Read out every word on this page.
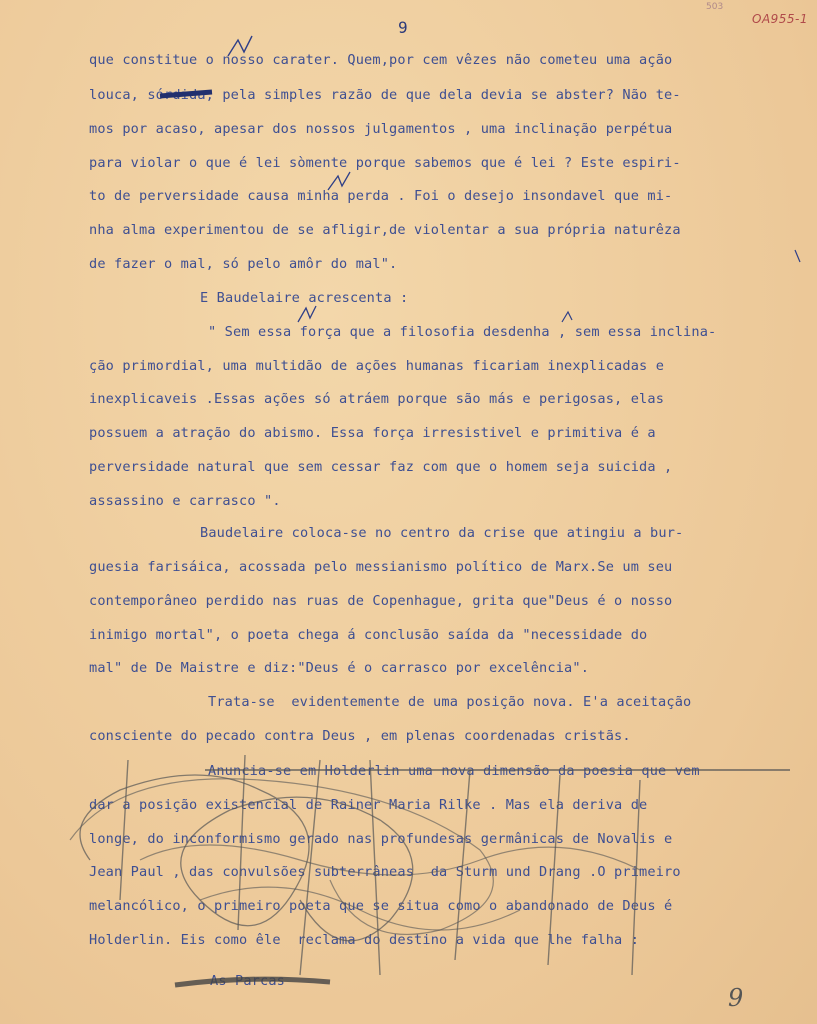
9
503
OA955-1
que constitue o nosso carater. Quem,por cem vêzes não cometeu uma ação
louca, sórdida, pela simples razão de que dela devia se abster? Não te-
mos por acaso, apesar dos nossos julgamentos , uma inclinação perpétua
para violar o que é lei sòmente porque sabemos que é lei ? Este espiri-
to de perversidade causa minha perda . Foi o desejo insondavel que mi-
nha alma experimentou de se afligir,de violentar a sua própria naturêza
de fazer o mal, só pelo amôr do mal".
E Baudelaire acrescenta :
" Sem essa força que a filosofia desdenha , sem essa inclina-
ção primordial, uma multidão de ações humanas ficariam inexplicadas e
inexplicaveis .Essas ações só atráem porque são más e perigosas, elas
possuem a atração do abismo. Essa força irresistivel e primitiva é a
perversidade natural que sem cessar faz com que o homem seja suicida ,
assassino e carrasco ".
Baudelaire coloca-se no centro da crise que atingiu a bur-
guesia farisáica, acossada pelo messianismo político de Marx.Se um seu
contemporâneo perdido nas ruas de Copenhague, grita que"Deus é o nosso
inimigo mortal", o poeta chega á conclusão saída da "necessidade do
mal" de De Maistre e diz:"Deus é o carrasco por excelência".
Trata-se  evidentemente de uma posição nova. E'a aceitação
consciente do pecado contra Deus , em plenas coordenadas cristãs.
Anuncia-se em Holderlin uma nova dimensão da poesia que vem
dar a posição existencial de Rainer Maria Rilke . Mas ela deriva de
longe, do inconformismo gerado nas profundesas germânicas de Novalis e
Jean Paul , das convulsões subterrâneas  da Sturm und Drang .O primeiro
melancólico, o primeiro poeta que se situa como o abandonado de Deus é
Holderlin. Eis como êle  reclama do destino a vida que lhe falha :
As Parcas
9
